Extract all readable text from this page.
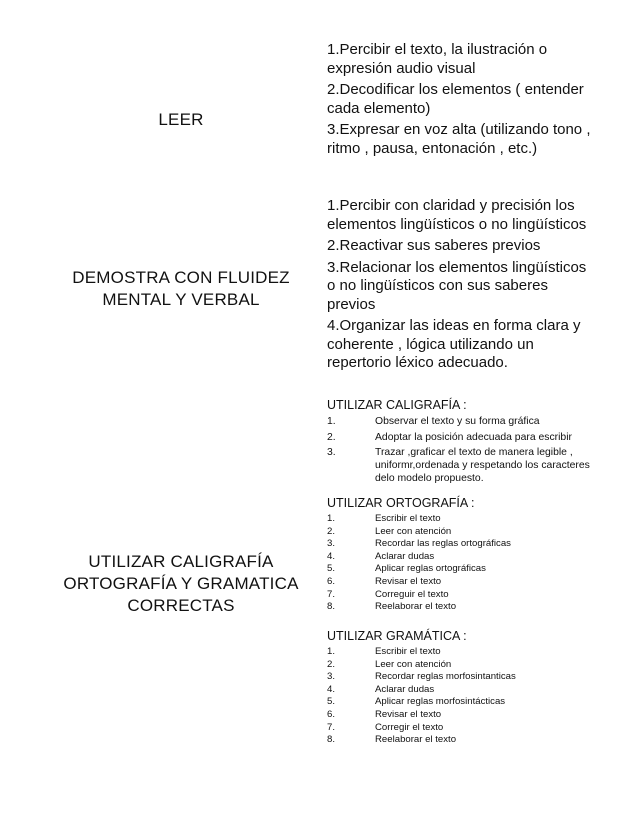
LEER

1.Percibir el texto, la ilustración o expresión audio visual

2.Decodificar los elementos ( entender cada elemento)

3.Expresar en voz alta (utilizando tono , ritmo , pausa, entonación , etc.)

DEMOSTRA CON FLUIDEZ MENTAL Y VERBAL

1.Percibir con claridad y precisión los elementos lingüísticos o no lingüísticos

2.Reactivar sus saberes previos

3.Relacionar los elementos lingüísticos o no lingüísticos con sus saberes previos

4.Organizar las ideas en forma clara y coherente , lógica utilizando un repertorio léxico adecuado.

UTILIZAR CALIGRAFÍA ORTOGRAFÍA Y GRAMATICA CORRECTAS
UTILIZAR CALIGRAFÍA :
1.	Observar el texto y su forma gráfica
2.	Adoptar la posición adecuada para escribir
3.	Trazar ,graficar el texto de manera legible , uniformr,ordenada y respetando los caracteres delo modelo propuesto.
UTILIZAR ORTOGRAFÍA :
1.	Escribir el texto
2.	Leer con atención
3.	Recordar las reglas ortográficas
4.	Aclarar dudas
5.	Aplicar reglas ortográficas
6.	Revisar el texto
7.	Correguir el texto
8.	Reelaborar el texto
UTILIZAR GRAMÁTICA :
1.	Escribir el texto
2.	Leer con atención
3.	Recordar reglas morfosintanticas
4.	Aclarar dudas
5.	Aplicar reglas morfosintácticas
6.	Revisar el texto
7.	Corregir el texto
8.	Reelaborar el texto
